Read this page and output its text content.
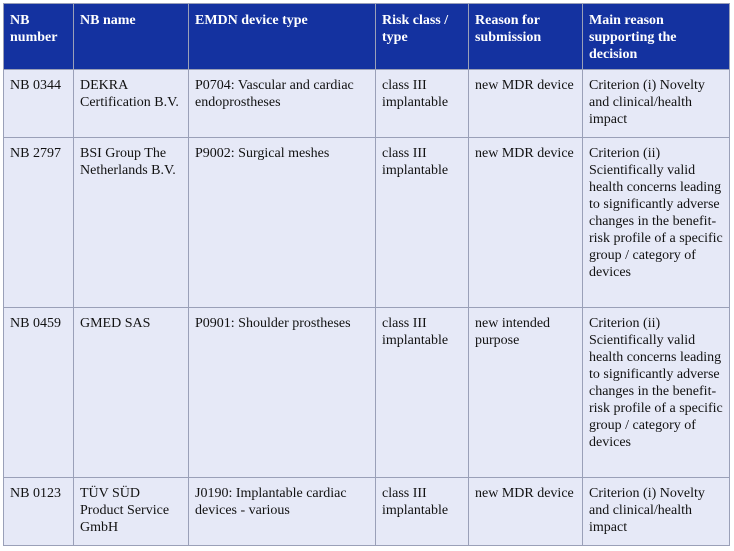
NB number	NB name	EMDN device type	Risk class / type	Reason for submission	Main reason supporting the decision
NB 0344	DEKRA Certification B.V.	P0704: Vascular and cardiac endoprostheses	class III implantable	new MDR device	Criterion (i) Novelty and clinical/health impact
NB 2797	BSI Group The Netherlands B.V.	P9002: Surgical meshes	class III implantable	new MDR device	Criterion (ii) Scientifically valid health concerns leading to significantly adverse changes in the benefit-risk profile of a specific group / category of devices
NB 0459	GMED SAS	P0901: Shoulder prostheses	class III implantable	new intended purpose	Criterion (ii) Scientifically valid health concerns leading to significantly adverse changes in the benefit-risk profile of a specific group / category of devices
NB 0123	TÜV SÜD Product Service GmbH	J0190: Implantable cardiac devices - various	class III implantable	new MDR device	Criterion (i) Novelty and clinical/health impact
